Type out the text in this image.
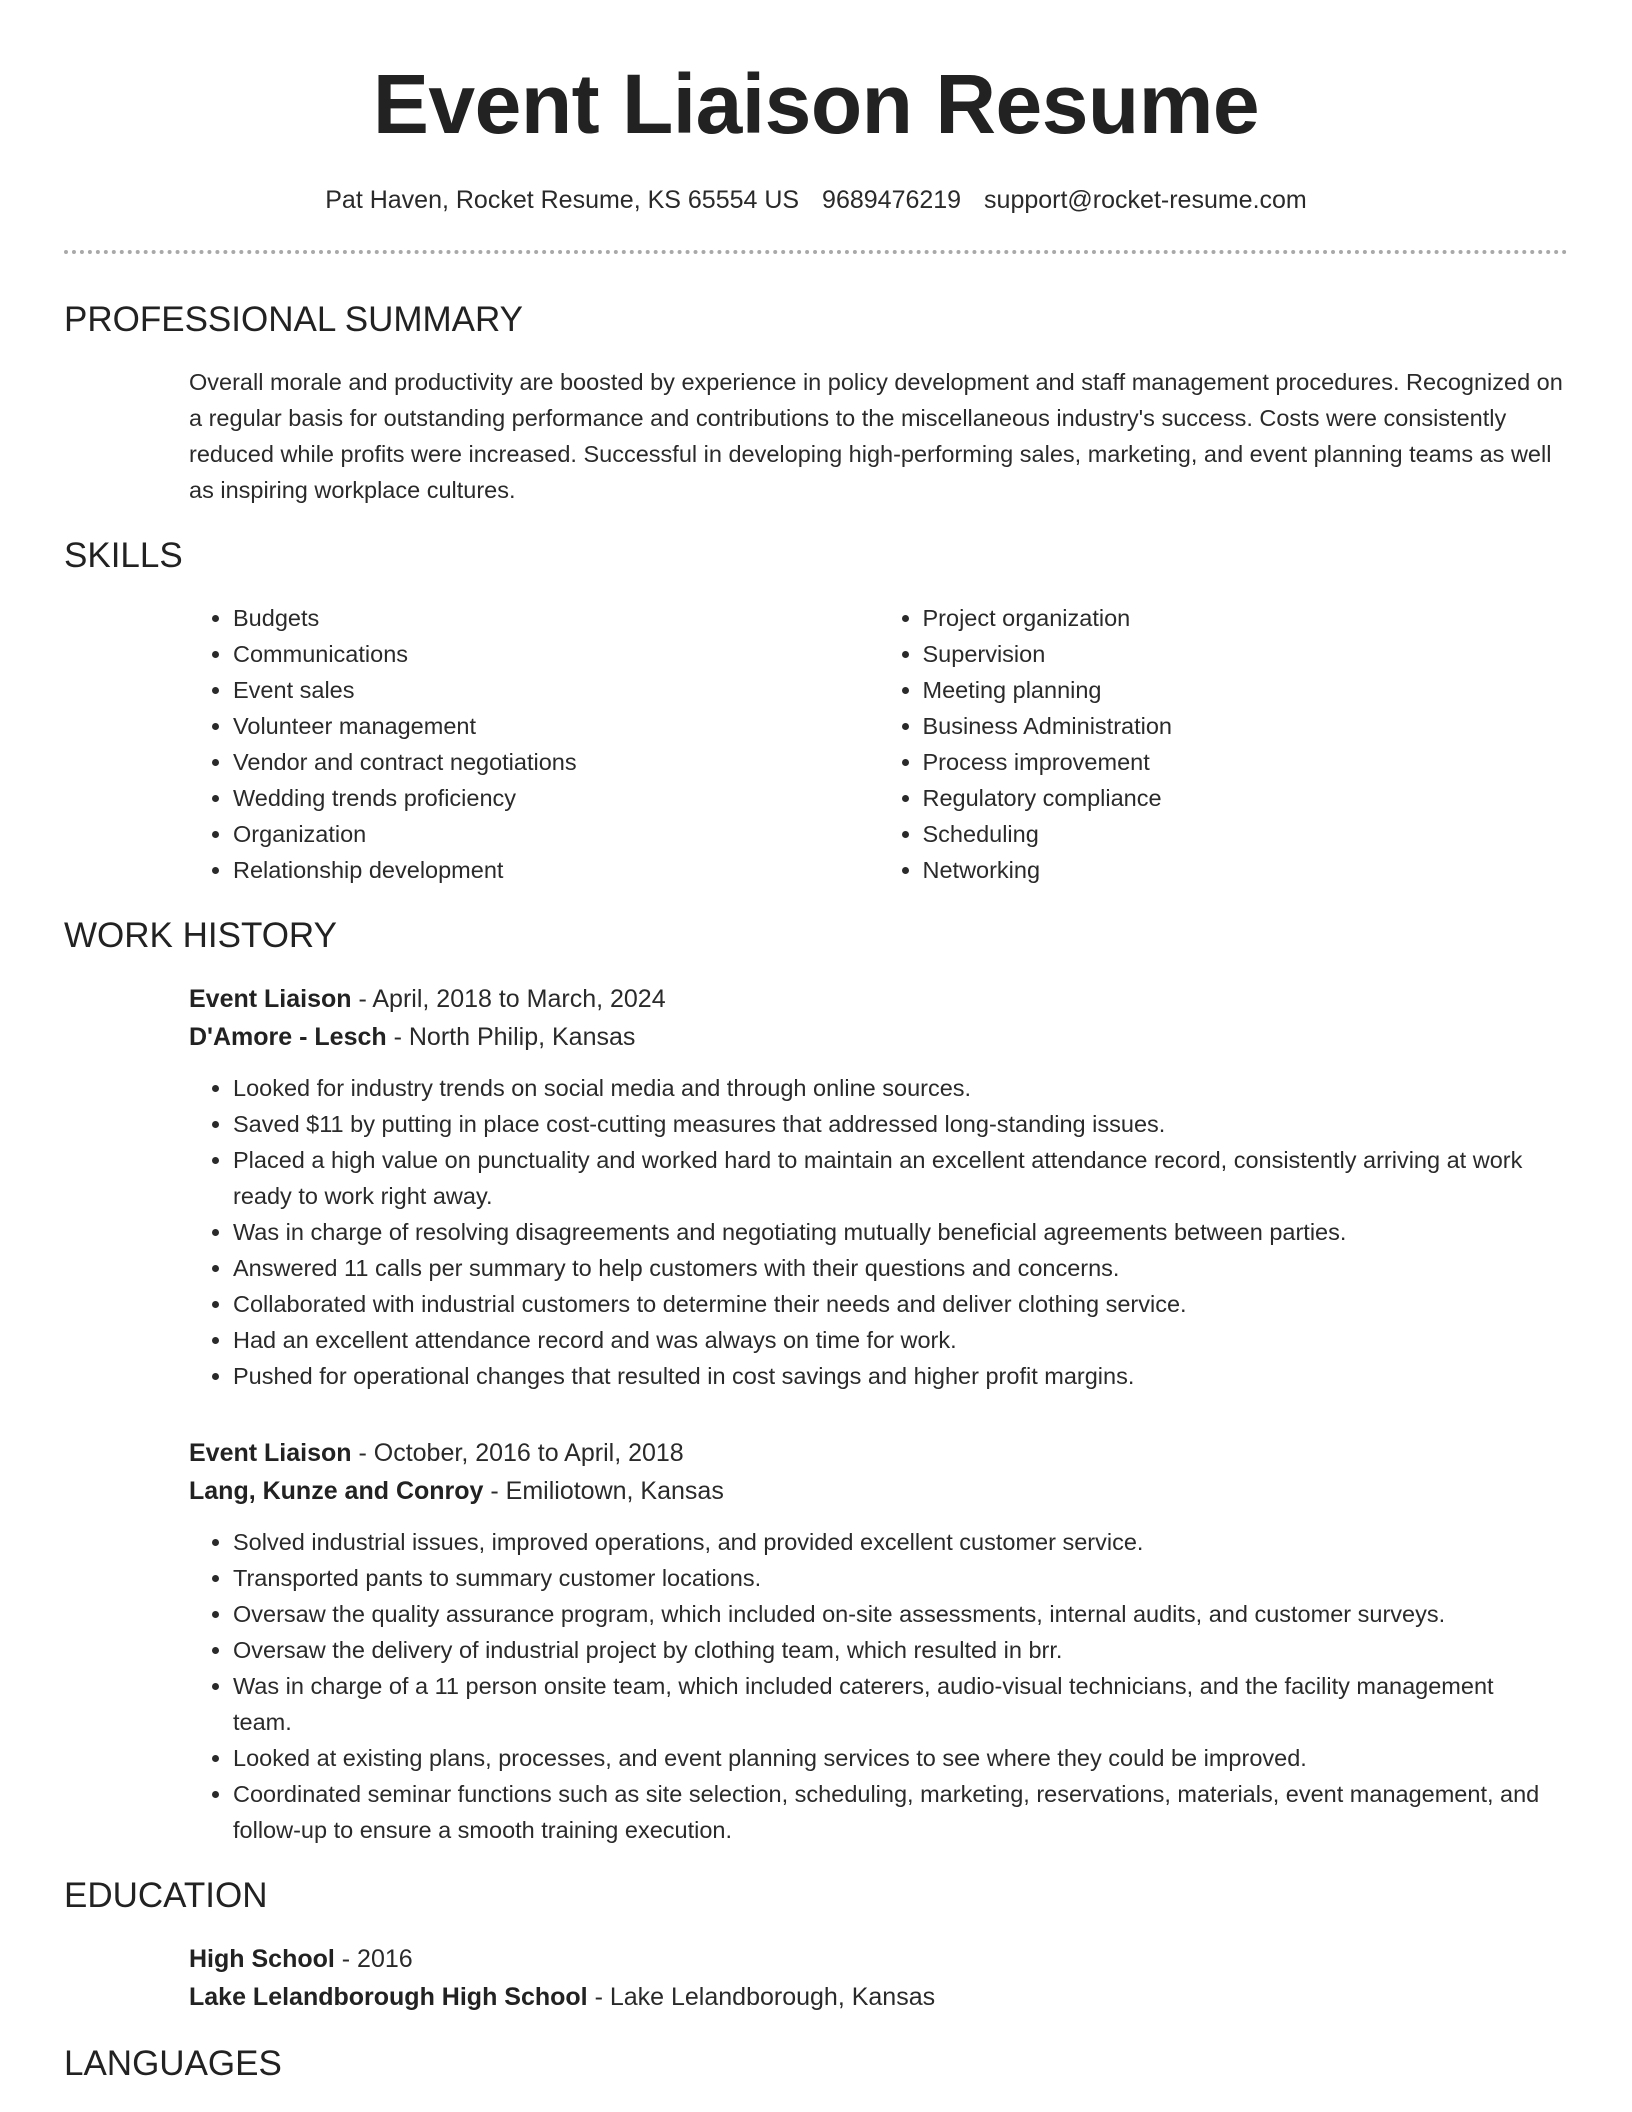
Event Liaison Resume
Pat Haven, Rocket Resume, KS 65554 US 9689476219 support@rocket-resume.com
PROFESSIONAL SUMMARY
Overall morale and productivity are boosted by experience in policy development and staff management procedures. Recognized on a regular basis for outstanding performance and contributions to the miscellaneous industry's success. Costs were consistently reduced while profits were increased. Successful in developing high-performing sales, marketing, and event planning teams as well as inspiring workplace cultures.
SKILLS
• Budgets
• Communications
• Event sales
• Volunteer management
• Vendor and contract negotiations
• Wedding trends proficiency
• Organization
• Relationship development
• Project organization
• Supervision
• Meeting planning
• Business Administration
• Process improvement
• Regulatory compliance
• Scheduling
• Networking
WORK HISTORY
Event Liaison - April, 2018 to March, 2024
D'Amore - Lesch - North Philip, Kansas
• Looked for industry trends on social media and through online sources.
• Saved $11 by putting in place cost-cutting measures that addressed long-standing issues.
• Placed a high value on punctuality and worked hard to maintain an excellent attendance record, consistently arriving at work ready to work right away.
• Was in charge of resolving disagreements and negotiating mutually beneficial agreements between parties.
• Answered 11 calls per summary to help customers with their questions and concerns.
• Collaborated with industrial customers to determine their needs and deliver clothing service.
• Had an excellent attendance record and was always on time for work.
• Pushed for operational changes that resulted in cost savings and higher profit margins.
Event Liaison - October, 2016 to April, 2018
Lang, Kunze and Conroy - Emiliotown, Kansas
• Solved industrial issues, improved operations, and provided excellent customer service.
• Transported pants to summary customer locations.
• Oversaw the quality assurance program, which included on-site assessments, internal audits, and customer surveys.
• Oversaw the delivery of industrial project by clothing team, which resulted in brr.
• Was in charge of a 11 person onsite team, which included caterers, audio-visual technicians, and the facility management team.
• Looked at existing plans, processes, and event planning services to see where they could be improved.
• Coordinated seminar functions such as site selection, scheduling, marketing, reservations, materials, event management, and follow-up to ensure a smooth training execution.
EDUCATION
High School - 2016
Lake Lelandborough High School - Lake Lelandborough, Kansas
LANGUAGES
